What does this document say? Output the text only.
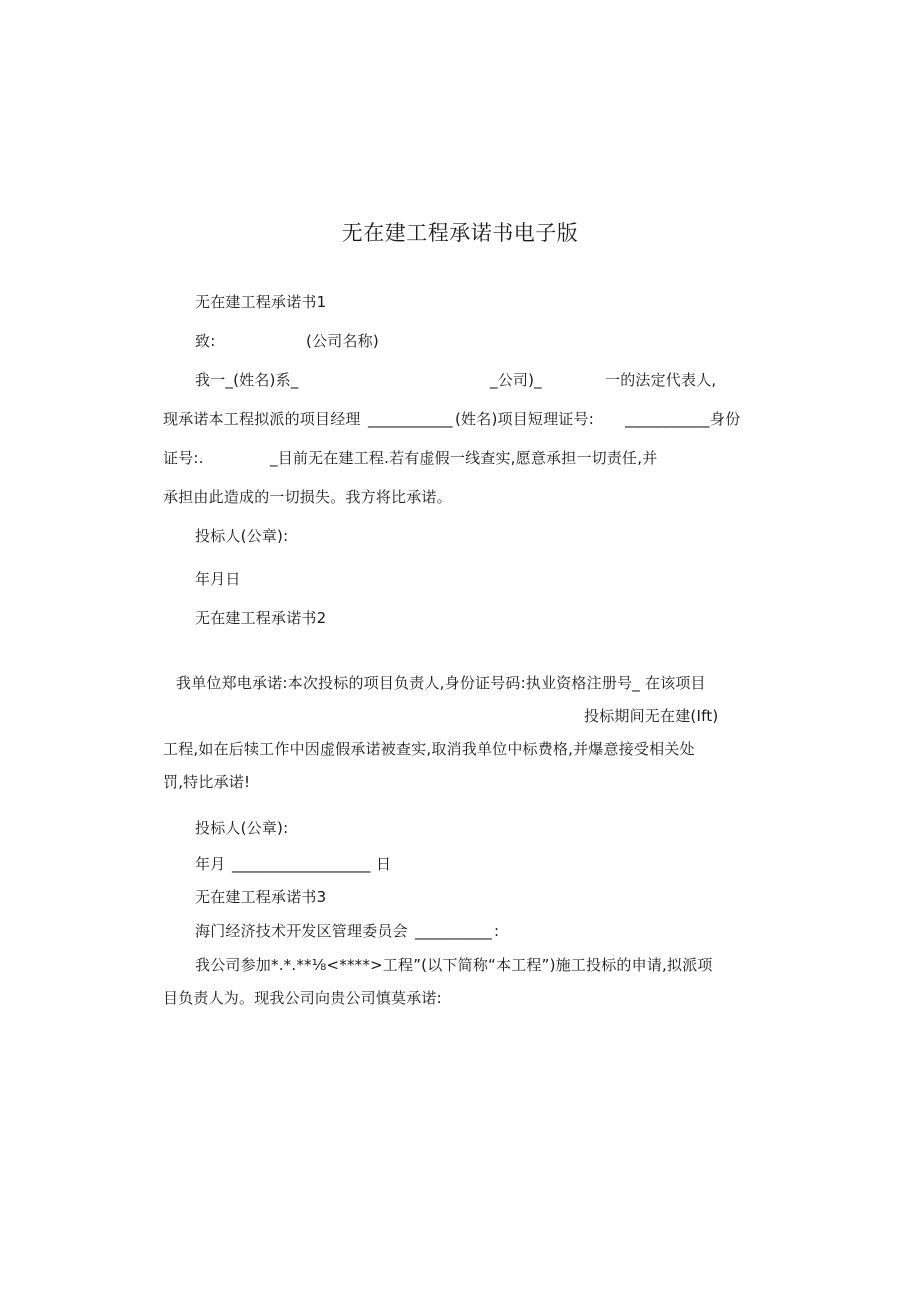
无在建工程承诺书电子版
无在建工程承诺书1
致:	(公司名称)
我一_(姓名)系_	_公司)_	一的法定代表人,
现承诺本工程拟派的项目经理 ___________ (姓名)项目短理证号: ___________ 身份
证号:.	_目前无在建工程.若有虚假一线查实,愿意承担一切责任,并
承担由此造成的一切损失。我方将比承诺。
投标人(公章):
年月日
无在建工程承诺书2
我单位郑电承诺:本次投标的项目负责人,身份证号码:执业资格注册号_ 在该项目
投标期间无在建(Ift)
工程,如在后犊工作中因虚假承诺被查实,取消我单位中标费格,并爆意接受相关处
罚,特比承诺!
投标人(公章):
年月 __________________ 日
无在建工程承诺书3
海门经济技术开发区管理委员会 __________ :
我公司参加*.*.**⅛<****>工程”(以下简称“本工程”)施工投标的申请,拟派项
目负责人为。现我公司向贵公司慎莫承诺:
